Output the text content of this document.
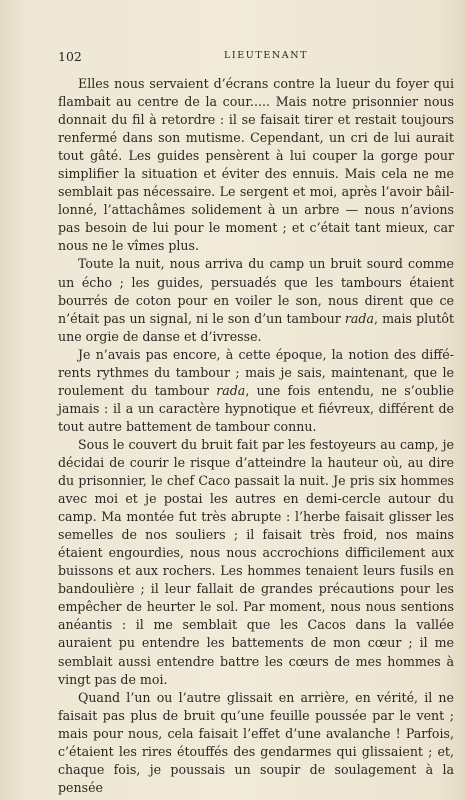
102	LIEUTENANT

Elles nous servaient d’écrans contre la lueur du foyer qui flambait au centre de la cour..... Mais notre prisonnier nous donnait du fil à retordre : il se faisait tirer et restait toujours renfermé dans son mutisme. Cependant, un cri de lui aurait tout gâté. Les guides pensèrent à lui couper la gorge pour simplifier la situation et éviter des ennuis. Mais cela ne me semblait pas nécessaire. Le sergent et moi, après l’avoir bâillonné, l’attachâmes solidement à un arbre — nous n’avions pas besoin de lui pour le moment ; et c’était tant mieux, car nous ne le vîmes plus.

Toute la nuit, nous arriva du camp un bruit sourd comme un écho ; les guides, persuadés que les tambours étaient bourrés de coton pour en voiler le son, nous dirent que ce n’était pas un signal, ni le son d’un tambour rada, mais plutôt une orgie de danse et d’ivresse.

Je n’avais pas encore, à cette époque, la notion des différents rythmes du tambour ; mais je sais, maintenant, que le roulement du tambour rada, une fois entendu, ne s’oublie jamais : il a un caractère hypnotique et fiévreux, différent de tout autre battement de tambour connu.

Sous le couvert du bruit fait par les festoyeurs au camp, je décidai de courir le risque d’atteindre la hauteur où, au dire du prisonnier, le chef Caco passait la nuit. Je pris six hommes avec moi et je postai les autres en demi-cercle autour du camp. Ma montée fut très abrupte : l’herbe faisait glisser les semelles de nos souliers ; il faisait très froid, nos mains étaient engourdies, nous nous accrochions difficilement aux buissons et aux rochers. Les hommes tenaient leurs fusils en bandoulière ; il leur fallait de grandes précautions pour les empêcher de heurter le sol. Par moment, nous nous sentions anéantis : il me semblait que les Cacos dans la vallée auraient pu entendre les battements de mon cœur ; il me semblait aussi entendre battre les cœurs de mes hommes à vingt pas de moi.

Quand l’un ou l’autre glissait en arrière, en vérité, il ne faisait pas plus de bruit qu’une feuille poussée par le vent ; mais pour nous, cela faisait l’effet d’une avalanche ! Parfois, c’étaient les rires étouffés des gendarmes qui glissaient ; et, chaque fois, je poussais un soupir de soulagement à la pensée
